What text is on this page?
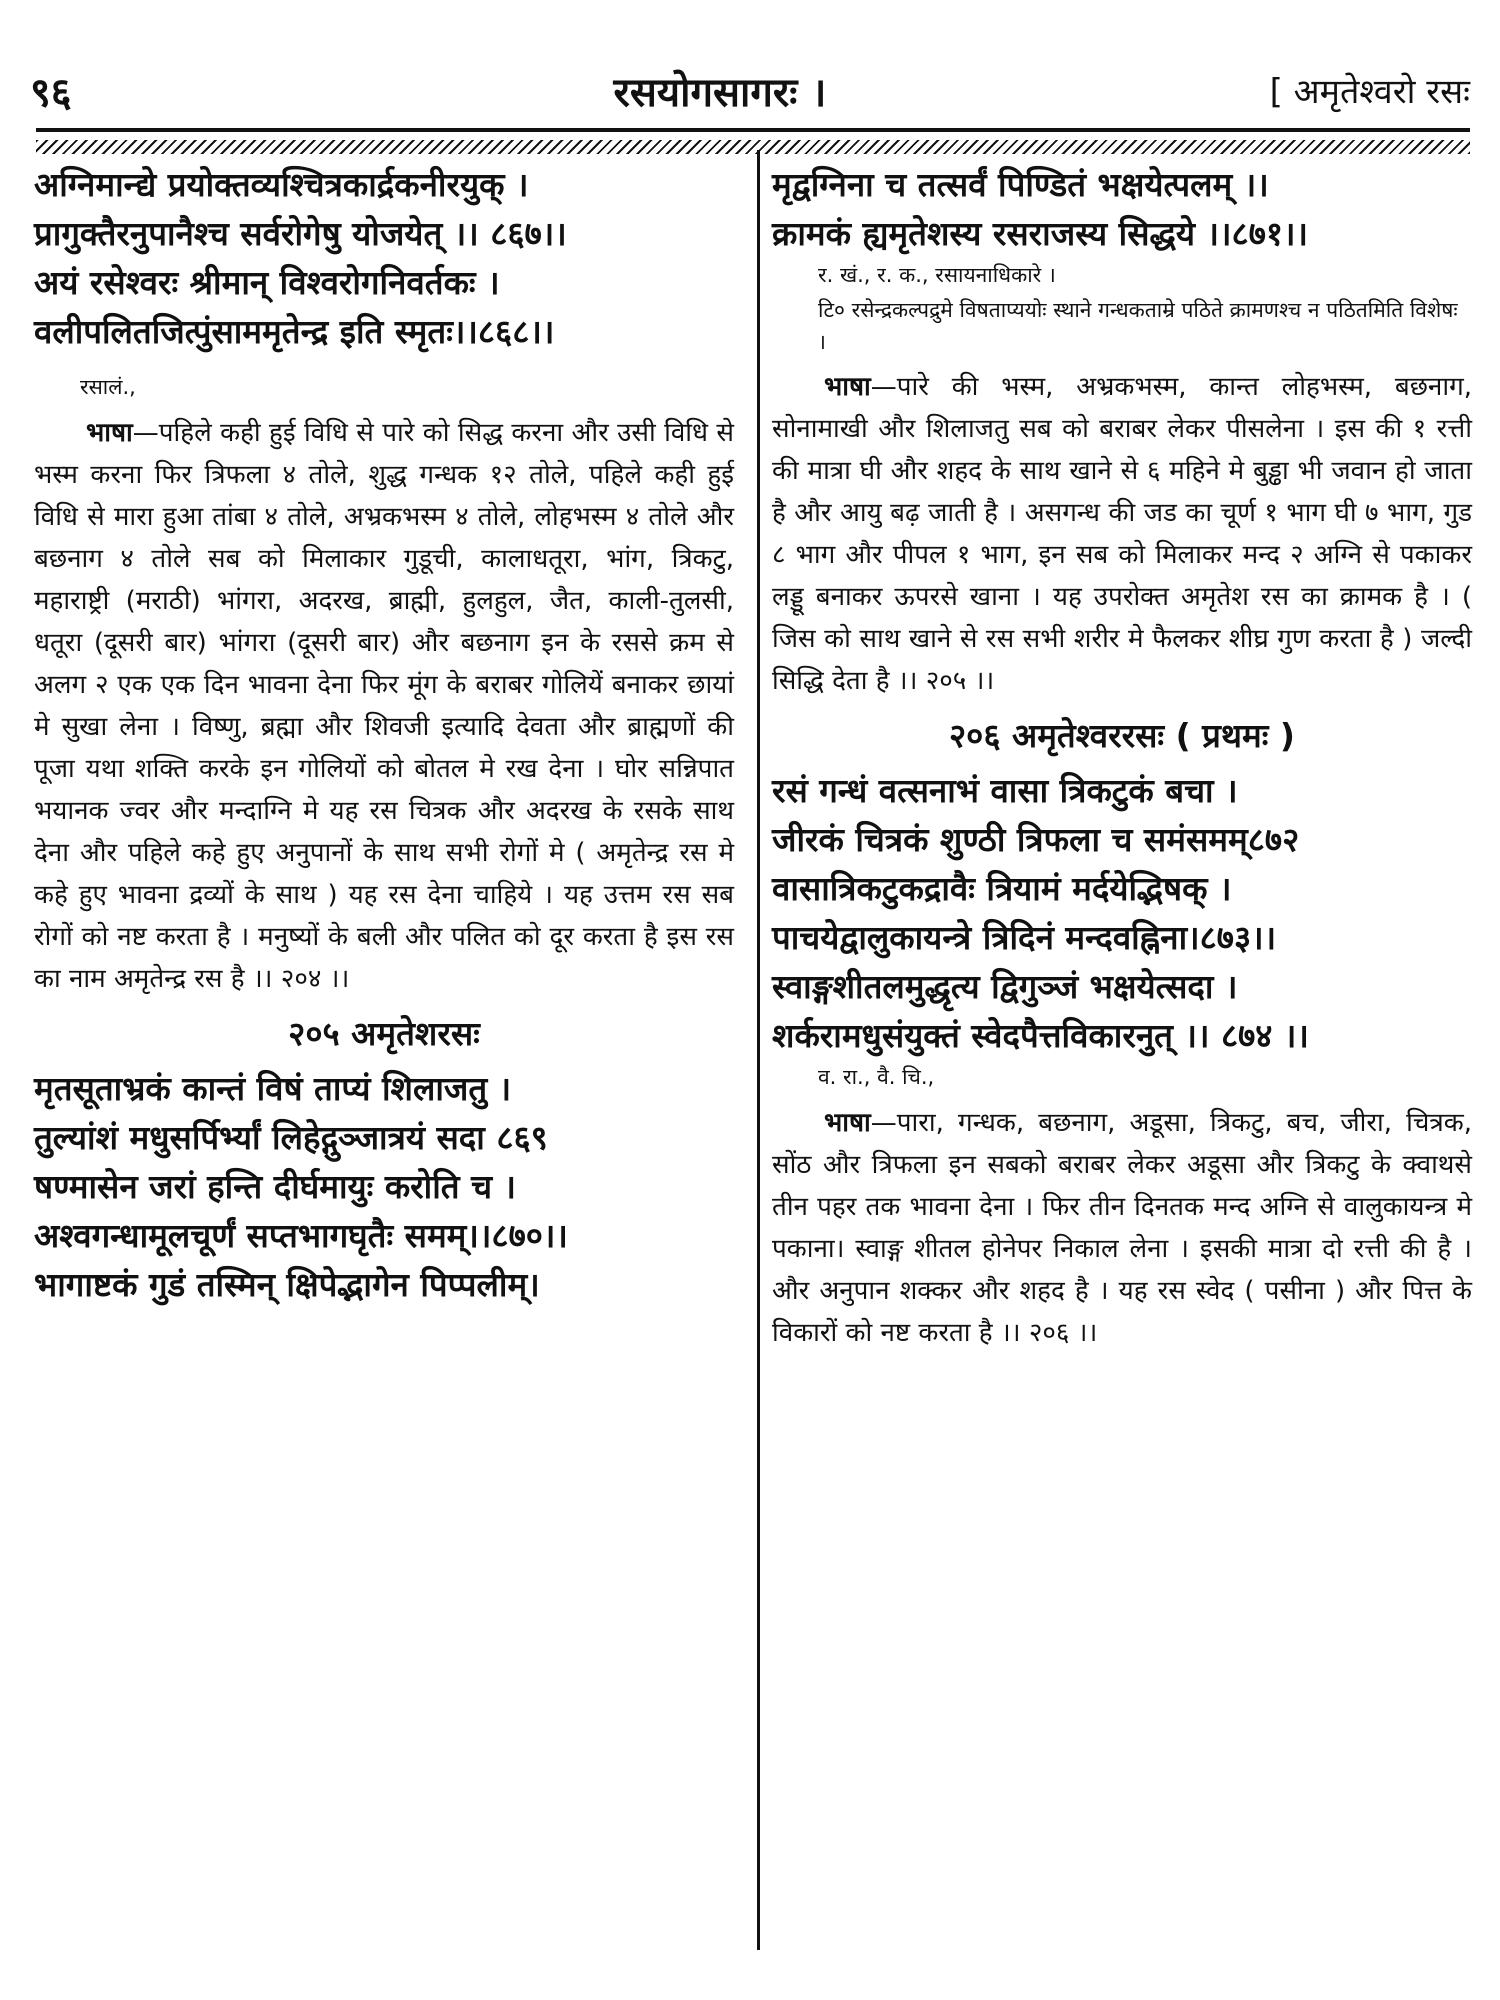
९६	रसयोगसागरः ।	[ अमृतेश्वरो रसः
अग्निमान्द्ये प्रयोक्तव्यश्चित्रकार्द्रकनीरयुक् ।
प्रागुक्तैरनुपानैश्च सर्वरोगेषु योजयेत् ।। ८६७।।
अयं रसेश्वरः श्रीमान् विश्वरोगनिवर्तकः ।
वलीपलितजित्पुंसाममृतेन्द्र इति स्मृतः।।८६८।।
रसालं.,
भाषा—पहिले कही हुई विधि से पारे को सिद्ध करना और उसी विधि से भस्म करना फिर त्रिफला ४ तोले, शुद्ध गन्धक १२ तोले, पहिले कही हुई विधि से मारा हुआ तांबा ४ तोले, अभ्रकभस्म ४ तोले, लोहभस्म ४ तोले और बछनाग ४ तोले सब को मिलाकार गुडूची, कालाधतूरा, भांग, त्रिकटु, महाराष्ट्री (मराठी) भांगरा, अदरख, ब्राह्मी, हुलहुल, जैत, काली-तुलसी, धतूरा (दूसरी बार) भांगरा (दूसरी बार) और बछनाग इन के रससे क्रम से अलग २ एक एक दिन भावना देना फिर मूंग के बराबर गोलियें बनाकर छायां मे सुखा लेना । विष्णु, ब्रह्मा और शिवजी इत्यादि देवता और ब्राह्मणों की पूजा यथा शक्ति करके इन गोलियों को बोतल मे रख देना । घोर सन्निपात भयानक ज्वर और मन्दाग्नि मे यह रस चित्रक और अदरख के रसके साथ देना और पहिले कहे हुए अनुपानों के साथ सभी रोगों मे ( अमृतेन्द्र रस मे कहे हुए भावना द्रव्यों के साथ ) यह रस देना चाहिये । यह उत्तम रस सब रोगों को नष्ट करता है । मनुष्यों के बली और पलित को दूर करता है इस रस का नाम अमृतेन्द्र रस है ।। २०४ ।।
२०५ अमृतेशरसः
मृतसूताभ्रकं कान्तं विषं ताप्यं शिलाजतु ।
तुल्यांशं मधुसर्पिर्भ्यां लिहेद्गुञ्जात्रयं सदा ८६९
षण्मासेन जरां हन्ति दीर्घमायुः करोति च ।
अश्वगन्धामूलचूर्णं सप्तभागघृतैः समम्।।८७०।।
भागाष्टकं गुडं तस्मिन् क्षिपेद्भागेन पिप्पलीम्।
मृद्वग्निना च तत्सर्वं पिण्डितं भक्षयेत्पलम् ।।
क्रामकं ह्यमृतेशस्य रसराजस्य सिद्धये ।।८७१।।
र. खं., र. क., रसायनाधिकारे ।
टि० रसेन्द्रकल्पद्रुमे विषताप्ययोः स्थाने गन्धकताम्रे पठिते क्रामणश्च न पठितमिति विशेषः ।
भाषा—पारे की भस्म, अभ्रकभस्म, कान्त लोहभस्म, बछनाग, सोनामाखी और शिलाजतु सब को बराबर लेकर पीसलेना । इस की १ रत्ती की मात्रा घी और शहद के साथ खाने से ६ महिने मे बुड्ढा भी जवान हो जाता है और आयु बढ़ जाती है । असगन्ध की जड का चूर्ण १ भाग घी ७ भाग, गुड ८ भाग और पीपल १ भाग, इन सब को मिलाकर मन्द २ अग्नि से पकाकर लड्डू बनाकर ऊपरसे खाना । यह उपरोक्त अमृतेश रस का क्रामक है । ( जिस को साथ खाने से रस सभी शरीर मे फैलकर शीघ्र गुण करता है ) जल्दी सिद्धि देता है ।। २०५ ।।
२०६ अमृतेश्वररसः ( प्रथमः )
रसं गन्धं वत्सनाभं वासा त्रिकटुकं बचा ।
जीरकं चित्रकं शुण्ठी त्रिफला च समंसमम्८७२
वासात्रिकटुकद्रावैः त्रियामं मर्दयेद्भिषक् ।
पाचयेद्वालुकायन्त्रे त्रिदिनं मन्दवह्निना।८७३।।
स्वाङ्गशीतलमुद्धृत्य द्विगुञ्जं भक्षयेत्सदा ।
शर्करामधुसंयुक्तं स्वेदपैत्तविकारनुत् ।। ८७४ ।।
व. रा., वै. चि.,
भाषा—पारा, गन्धक, बछनाग, अडूसा, त्रिकटु, बच, जीरा, चित्रक, सोंठ और त्रिफला इन सबको बराबर लेकर अडूसा और त्रिकटु के क्वाथसे तीन पहर तक भावना देना । फिर तीन दिनतक मन्द अग्नि से वालुकायन्त्र मे पकाना। स्वाङ्ग शीतल होनेपर निकाल लेना । इसकी मात्रा दो रत्ती की है । और अनुपान शक्कर और शहद है । यह रस स्वेद ( पसीना ) और पित्त के विकारों को नष्ट करता है ।। २०६ ।।
